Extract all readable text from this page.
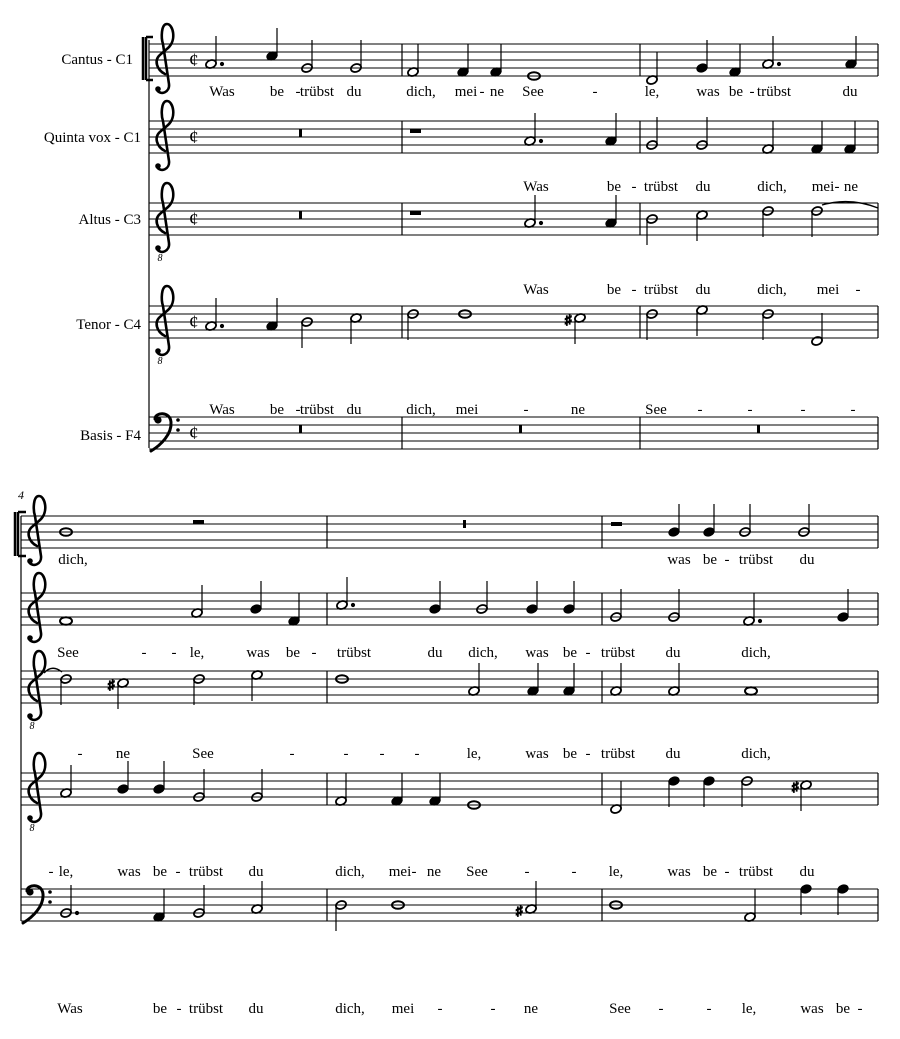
Cantus - C1
Quinta vox - C1
Altus - C3
Tenor - C4
Basis - F4
¢
¢
¢
¢
¢
♯
Was be - trübst du	dich, mei - ne See	-	le, was be - trübst	du
Was	be - trübst du	dich, mei - ne
Was	be - trübst du	dich, mei -
Was be - trübst du	dich, mei	-	ne	See -	-	-	-
4
♯
♯
♯
dich,	was be - trübst du
See	- - le,	was be - trübst	du dich, was be - trübst du	dich,
- ne	See	-	- - -	le,	was be - trübst du	dich,
- le,	was be - trübst du	dich, mei - ne See -	- le,	was be - trübst du
Was	be - trübst du	dich, mei -	- ne	See -	- le,	was be -
